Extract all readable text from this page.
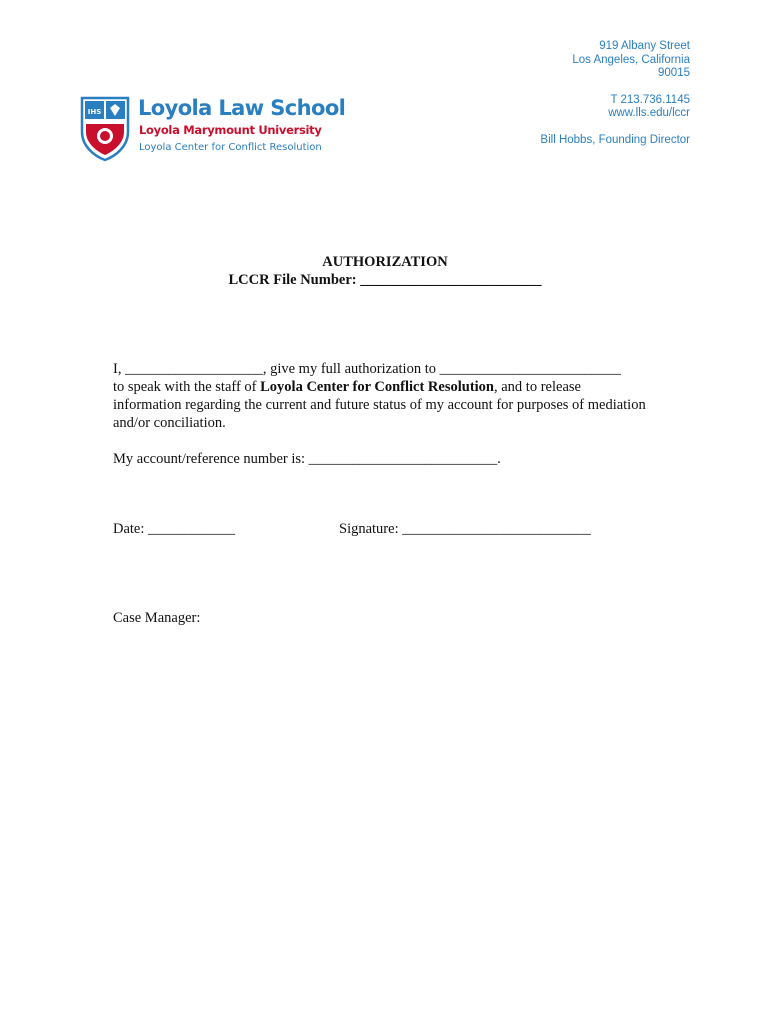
IHS Loyola Law School
Loyola Marymount University
Loyola Center for Conflict Resolution
919 Albany Street
Los Angeles, California
90015
T 213.736.1145
www.lls.edu/lccr
Bill Hobbs, Founding Director
AUTHORIZATION
LCCR File Number: _________________________
I, ___________________, give my full authorization to _________________________
to speak with the staff of Loyola Center for Conflict Resolution, and to release information regarding the current and future status of my account for purposes of mediation and/or conciliation.
My account/reference number is: __________________________.
Date: ____________	Signature: __________________________
Case Manager:
